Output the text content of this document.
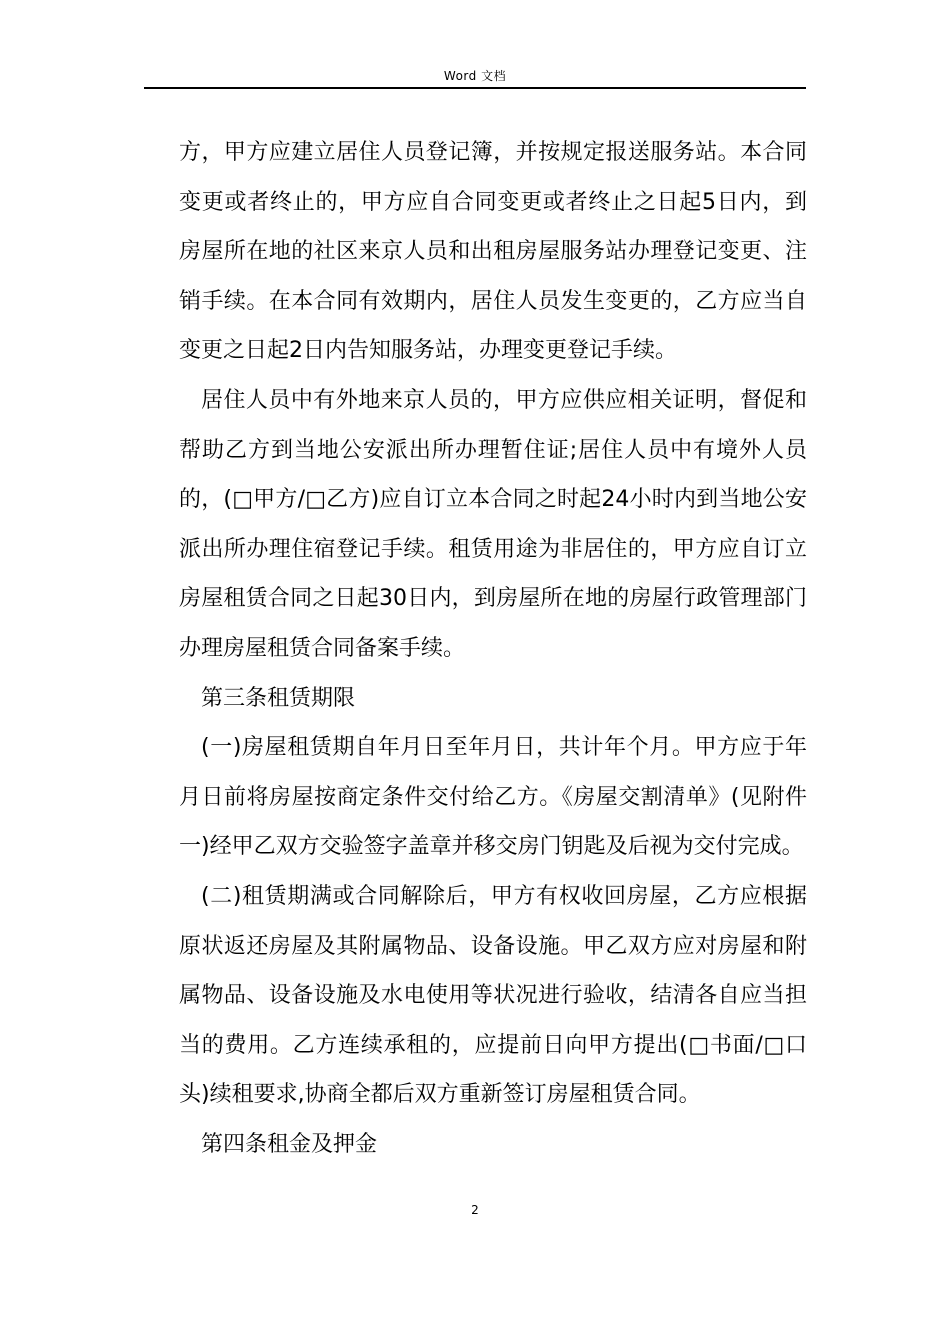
Word 文档

方，甲方应建立居住人员登记簿，并按规定报送服务站。本合同变更或者终止的，甲方应自合同变更或者终止之日起5日内，到房屋所在地的社区来京人员和出租房屋服务站办理登记变更、注销手续。在本合同有效期内，居住人员发生变更的，乙方应当自变更之日起2日内告知服务站，办理变更登记手续。

居住人员中有外地来京人员的，甲方应供应相关证明，督促和帮助乙方到当地公安派出所办理暂住证;居住人员中有境外人员的，(□甲方/□乙方)应自订立本合同之时起24小时内到当地公安派出所办理住宿登记手续。租赁用途为非居住的，甲方应自订立房屋租赁合同之日起30日内，到房屋所在地的房屋行政管理部门办理房屋租赁合同备案手续。

第三条租赁期限

(一)房屋租赁期自年月日至年月日，共计年个月。甲方应于年月日前将房屋按商定条件交付给乙方。《房屋交割清单》(见附件一)经甲乙双方交验签字盖章并移交房门钥匙及后视为交付完成。

(二)租赁期满或合同解除后，甲方有权收回房屋，乙方应根据原状返还房屋及其附属物品、设备设施。甲乙双方应对房屋和附属物品、设备设施及水电使用等状况进行验收，结清各自应当担当的费用。乙方连续承租的，应提前日向甲方提出(□书面/□口头)续租要求,协商全都后双方重新签订房屋租赁合同。

第四条租金及押金

2
